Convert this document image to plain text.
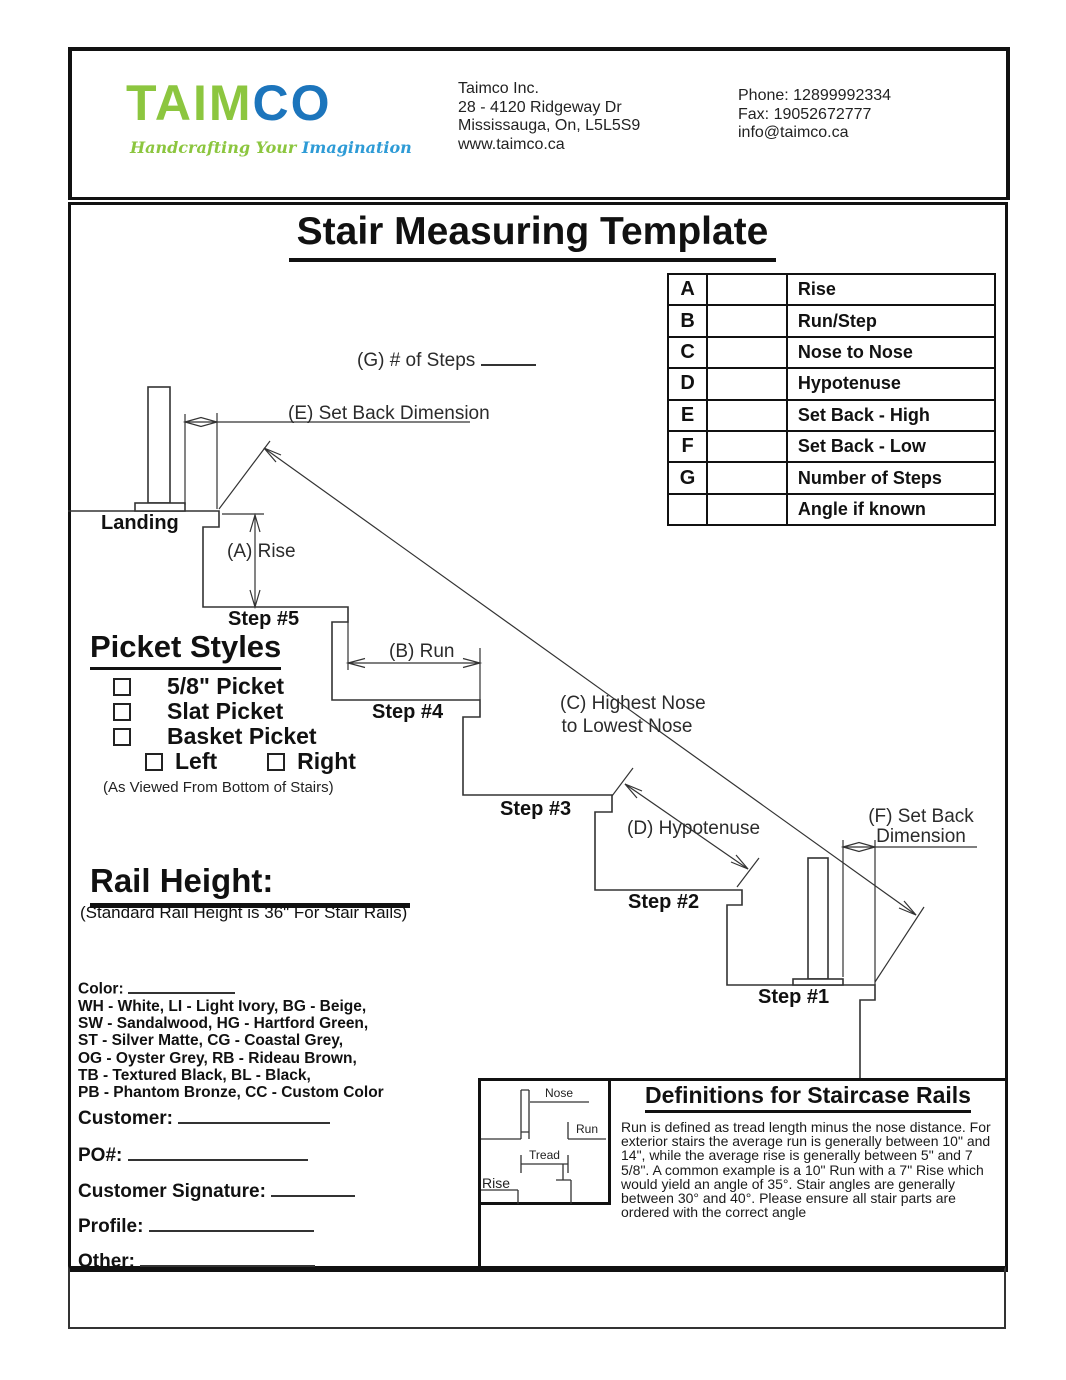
TAIMCO
Handcrafting Your Imagination
Taimco Inc.
28 - 4120 Ridgeway Dr
Mississauga, On, L5L5S9
www.taimco.ca
Phone: 12899992334
Fax: 19052672777
info@taimco.ca
Stair Measuring Template
A		Rise
B		Run/Step
C		Nose to Nose
D		Hypotenuse
E		Set Back - High
F		Set Back - Low
G		Number of Steps
		Angle if known
(G) # of Steps
(E) Set Back Dimension
Landing
(A) Rise
Step #5
(B) Run
Step #4	(C) Highest Nose
to Lowest Nose
Step #3
(D) Hypotenuse
Step #2
(F) Set Back
Dimension
Step #1
Picket Styles
5/8" Picket
Slat Picket
Basket Picket
Left	Right
(As Viewed From Bottom of Stairs)
Rail Height:
(Standard Rail Height is 36" For Stair Rails)
Color:
WH - White, LI - Light Ivory, BG - Beige,
SW - Sandalwood, HG - Hartford Green,
ST - Silver Matte, CG - Coastal Grey,
OG - Oyster Grey, RB - Rideau Brown,
TB - Textured Black, BL - Black,
PB - Phantom Bronze, CC - Custom Color
Customer:
PO#:
Customer Signature:
Profile:
Other:
Definitions for Staircase Rails
Run is defined as tread length minus the nose distance. For exterior stairs the average run is generally between 10" and 14", while the average rise is generally between 5" and 7 5/8". A common example is a 10" Run with a 7" Rise which would yield an angle of 35°. Stair angles are generally between 30° and 40°. Please ensure all stair parts are ordered with the correct angle
Nose
Run
Tread
Rise
